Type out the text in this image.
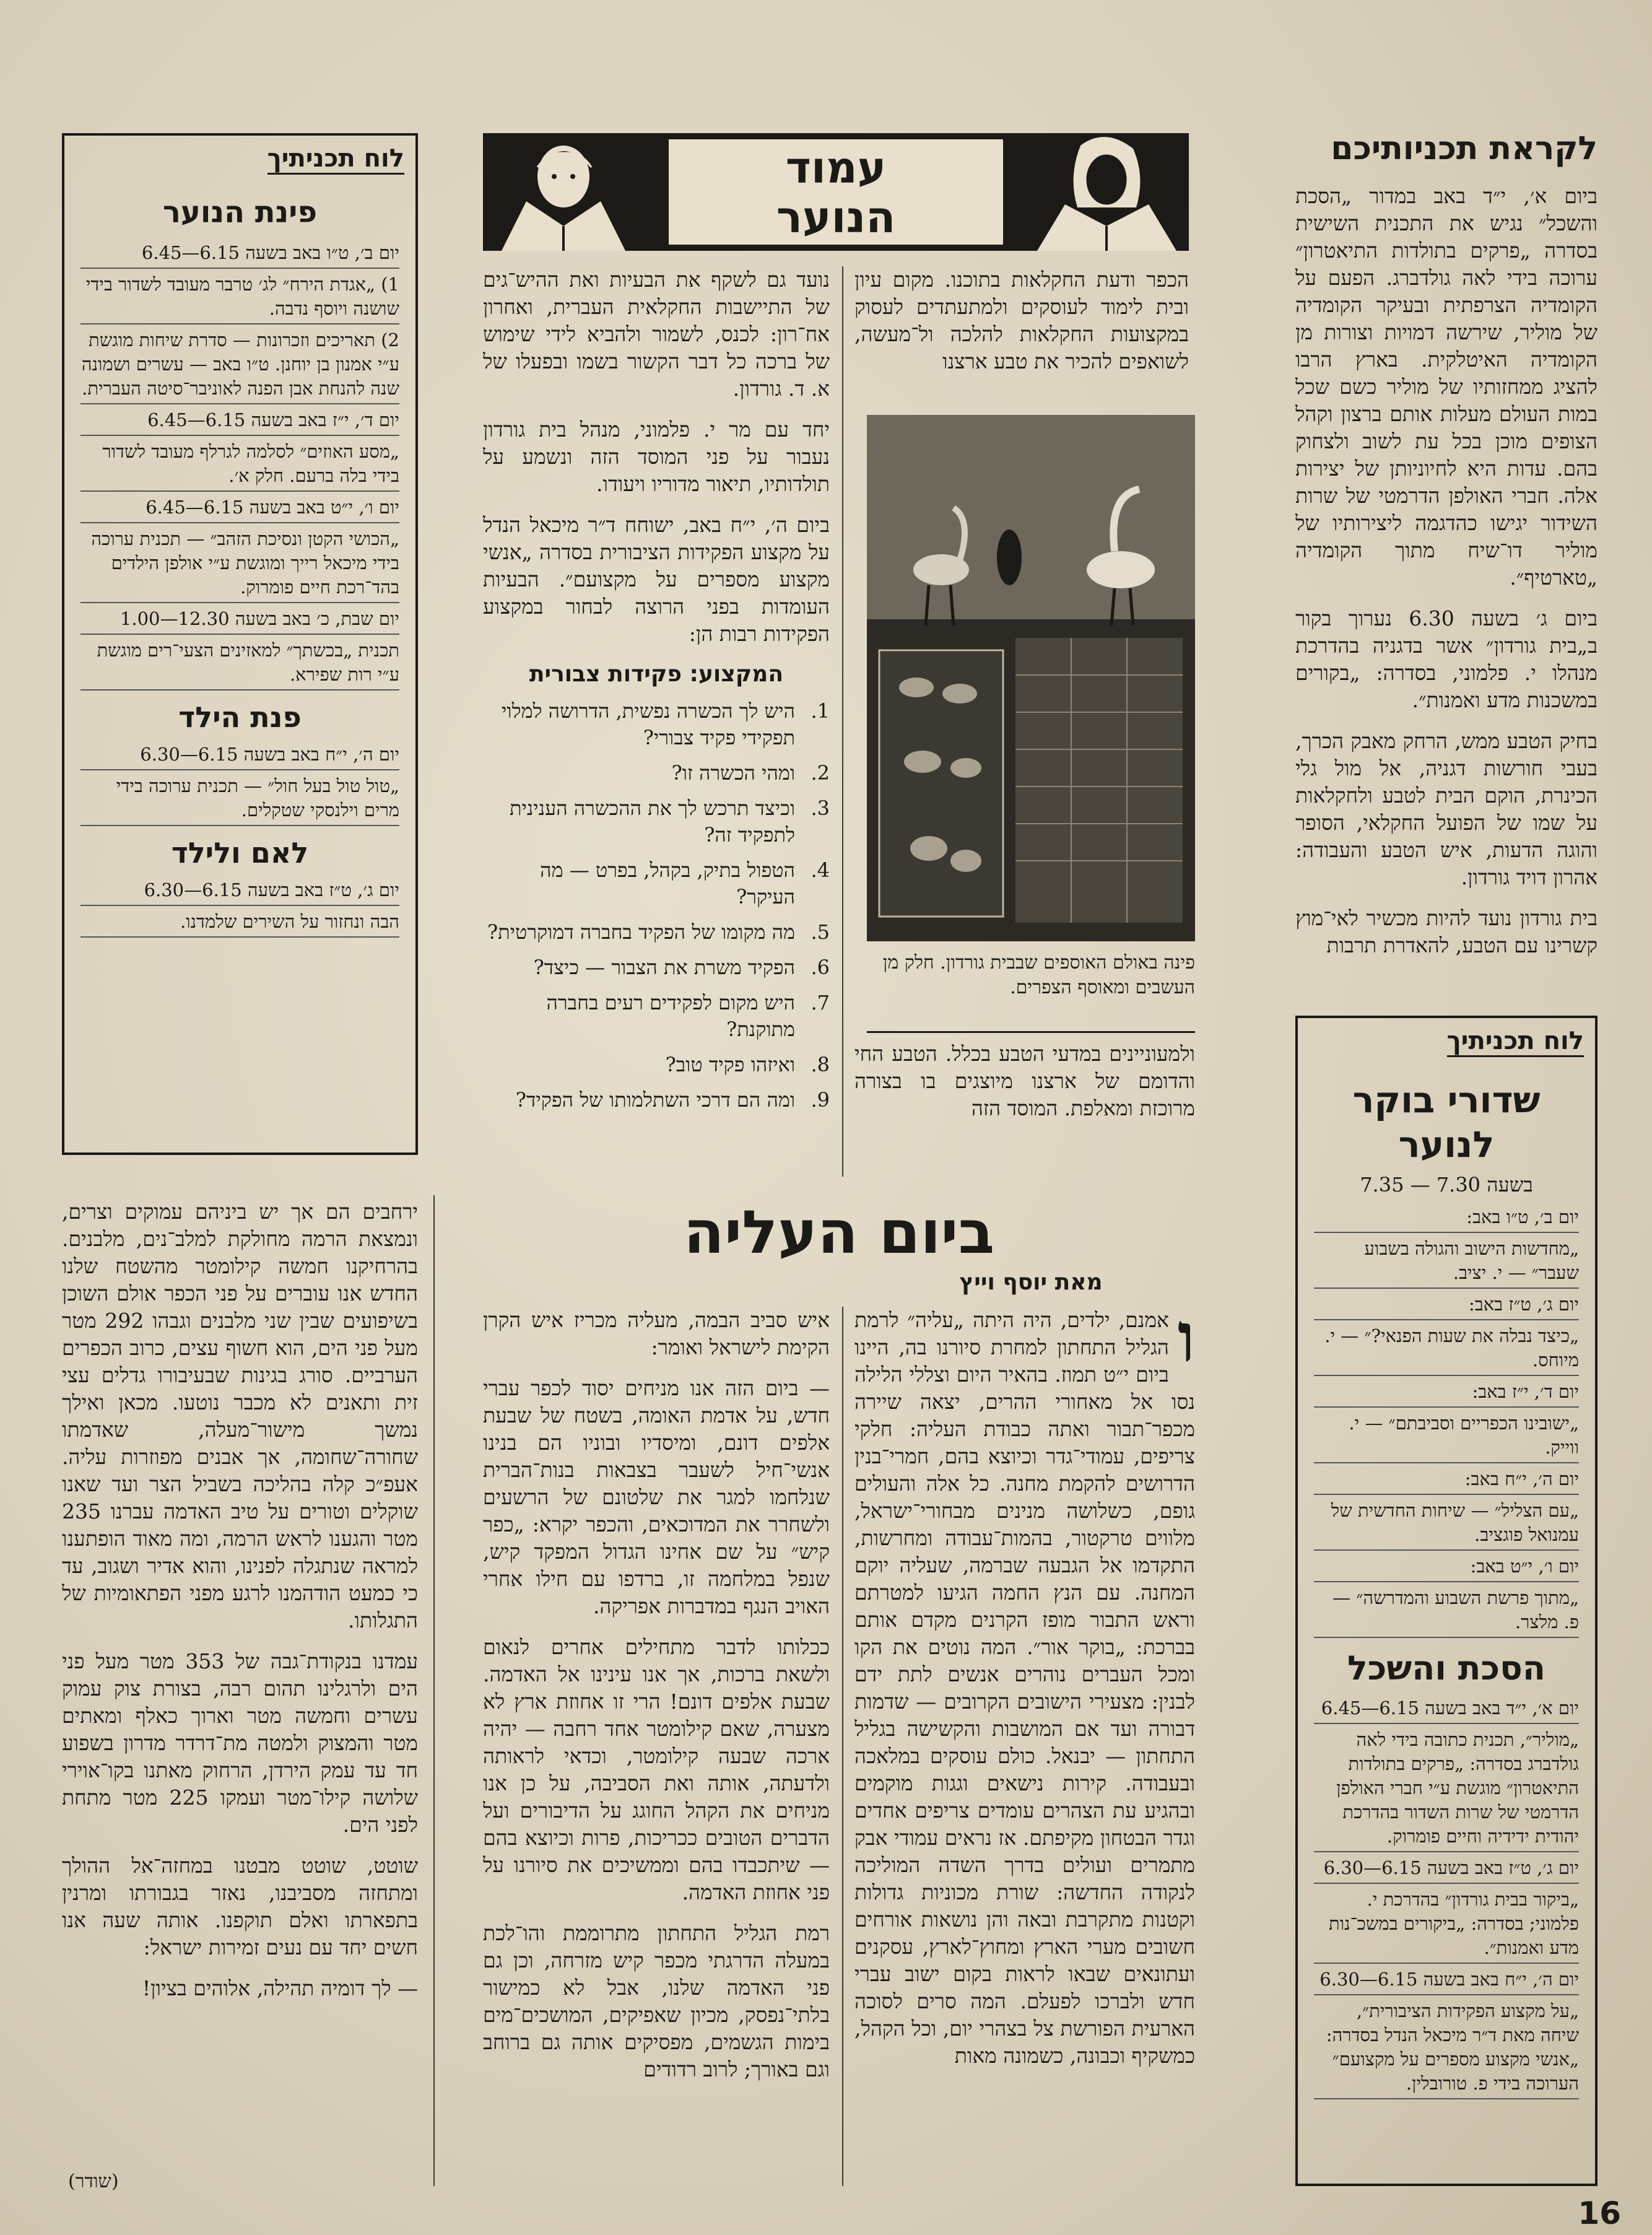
לקראת תכניותיכם

ביום א׳, י״ד באב במדור „הסכת והשכל״ נגיש את התכנית השישית בסדרה „פרקים בתולדות התיאטרון״ ערוכה בידי לאה גולדברג. הפעם על הקומדיה הצרפתית ובעיקר הקומדיה של מוליר, שירשה דמויות וצורות מן הקומדיה האיטלקית. בארץ הרבו להציג ממחזותיו של מוליר כשם שכל במות העולם מעלות אותם ברצון וקהל הצופים מוכן בכל עת לשוב ולצחוק בהם. עדות היא לחיוניותן של יצירות אלה. חברי האולפן הדרמטי של שרות השידור יגישו כהדגמה ליצירותיו של מוליר דו־שיח מתוך הקומדיה „טארטיף״.

ביום ג׳ בשעה 6.30 נערוך בקור ב„בית גורדון״ אשר בדגניה בהדרכת מנהלו י. פלמוני, בסדרה: „בקורים במשכנות מדע ואמנות״.

בחיק הטבע ממש, הרחק מאבק הכרך, בעבי חורשות דגניה, אל מול גלי הכינרת, הוקם הבית לטבע ולחקלאות על שמו של הפועל החקלאי, הסופר והוגה הדעות, איש הטבע והעבודה: אהרון דויד גורדון.

בית גורדון נועד להיות מכשיר לאי־מוץ קשרינו עם הטבע, להאדרת תרבות

לוח תכניתיך
שדורי בוקר לנוער
בשעה 7.30 — 7.35
יום ב׳, ט״ו באב:
„מחדשות הישוב והגולה בשבוע שעבר״ — י. יציב.
יום ג׳, ט״ז באב:
„כיצד נבלה את שעות הפנאי?״ — י. מיוחס.
יום ד׳, י״ז באב:
„ישובינו הכפריים וסביבתם״ — י. ווייק.
יום ה׳, י״ח באב:
„עם הצליל״ — שיחות החדשית של עמנואל פוגציב.
יום ו׳, י״ט באב:
„מתוך פרשת השבוע והמדרשה״ — פ. מלצר.
הסכת והשכל
יום א׳, י״ד באב בשעה 6.15—6.45
„מוליר״, תכנית כתובה בידי לאה גולדברג בסדרה: „פרקים בתולדות התיאטרון״ מוגשת ע״י חברי האולפן הדרמטי של שרות השדור בהדרכת יהודית ידידיה וחיים פומרוק.
יום ג׳, ט״ז באב בשעה 6.15—6.30
„ביקור בבית גורדון״ בהדרכת י. פלמוני; בסדרה: „ביקורים במשכ־נות מדע ואמנות״.
יום ה׳, י״ח באב בשעה 6.15—6.30
„על מקצוע הפקידות הציבורית״, שיחה מאת ד״ר מיכאל הנדל בסדרה: „אנשי מקצוע מספרים על מקצועם״ הערוכה בידי פ. טורובלין.
עמוד
הנוער

הכפר ודעת החקלאות בתוכנו. מקום עיון ובית לימוד לעוסקים ולמתעתדים לעסוק במקצועות החקלאות להלכה ול־מעשה, לשואפים להכיר את טבע ארצנו

פינה באולם האוספים שבבית גורדון. חלק מן העשבים ומאוסף הצפרים.

ולמעוניינים במדעי הטבע בכלל. הטבע החי והדומם של ארצנו מיוצגים בו בצורה מרוכזת ומאלפת. המוסד הזה

נועד גם לשקף את הבעיות ואת ההיש־גים של התיישבות החקלאית העברית, ואחרון אח־רון: לכנס, לשמור ולהביא לידי שימוש של ברכה כל דבר הקשור בשמו ובפעלו של א. ד. גורדון.

יחד עם מר י. פלמוני, מנהל בית גורדון נעבור על פני המוסד הזה ונשמע על תולדותיו, תיאור מדוריו ויעודו.

ביום ה׳, י״ח באב, ישוחח ד״ר מיכאל הנדל על מקצוע הפקידות הציבורית בסדרה „אנשי מקצוע מספרים על מקצועם״. הבעיות העומדות בפני הרוצה לבחור במקצוע הפקידות רבות הן:

המקצוע: פקידות צבורית
1.
היש לך הכשרה נפשית, הדרושה למלוי תפקידי פקיד צבורי?
2.
ומהי הכשרה זו?
3.
וכיצד תרכש לך את ההכשרה הענינית לתפקיד זה?
4.
הטפול בתיק, בקהל, בפרט — מה העיקר?
5.
מה מקומו של הפקיד בחברה דמוקרטית?
6.
הפקיד משרת את הצבור — כיצד?
7.
היש מקום לפקידים רעים בחברה מתוקנת?
8.
ואיזהו פקיד טוב?
9.
ומה הם דרכי השתלמותו של הפקיד?
לוח תכניתיך
פינת הנוער
יום ב׳, ט״ו באב בשעה 6.15—6.45
1) „אגדת הירח״ לג׳ טרבר מעובד לשדור בידי שושנה ויוסף נדבה.
2) תאריכים וזכרונות — סדרת שיחות מוגשת ע״י אמנון בן יוחנן. ט״ו באב — עשרים ושמונה שנה להנחת אבן הפנה לאוניבר־סיטה העברית.
יום ד׳, י״ז באב בשעה 6.15—6.45
„מסע האוזים״ לסלמה לגרלף מעובד לשדור בידי בלה ברעם. חלק א׳.
יום ו׳, י״ט באב בשעה 6.15—6.45
„הכושי הקטן ונסיכת הזהב״ — תכנית ערוכה בידי מיכאל רייך ומוגשת ע״י אולפן הילדים בהד־רכת חיים פומרוק.
יום שבת, כ׳ באב בשעה 12.30—1.00
תכנית „בכשתך״ למאזינים הצעי־רים מוגשת ע״י רות שפירא.
פנת הילד
יום ה׳, י״ח באב בשעה 6.15—6.30
„טול טול בעל חול״ — תכנית ערוכה בידי מרים וילנסקי שטקלים.
לאם ולילד
יום ג׳, ט״ז באב בשעה 6.15—6.30
הבה ונחזור על השירים שלמדנו.
ביום העליה
מאת יוסף וייץ
ו

אמנם, ילדים, היה היתה „עליה״ לרמת הגליל התחתון למחרת סיורנו בה, היינו ביום י״ט תמוז. בהאיר היום וצללי הלילה נסו אל מאחורי ההרים, יצאה שיירה מכפר־תבור ואתה כבודת העליה: חלקי צריפים, עמודי־גדר וכיוצא בהם, חמרי־בנין הדרושים להקמת מחנה. כל אלה והעולים גופם, כשלושה מנינים מבחורי־ישראל, מלווים טרקטור, בהמות־עבודה ומחרשות, התקדמו אל הגבעה שברמה, שעליה יוקם המחנה. עם הנץ החמה הגיעו למטרתם וראש התבור מופז הקרנים מקדם אותם בברכת: „בוקר אור״. המה נוטים את הקו ומכל העברים נוהרים אנשים לתת ידם לבנין: מצעירי הישובים הקרובים — שדמות דבורה ועד אם המושבות והקשישה בגליל התחתון — יבנאל. כולם עוסקים במלאכה ובעבודה. קירות נישאים וגגות מוקמים ובהגיע עת הצהרים עומדים צריפים אחדים וגדר הבטחון מקיפתם. אז נראים עמודי אבק מתמרים ועולים בדרך השדה המוליכה לנקודה החדשה: שורת מכוניות גדולות וקטנות מתקרבת ובאה והן נושאות אורחים חשובים מערי הארץ ומחוץ־לארץ, עסקנים ועתונאים שבאו לראות בקום ישוב עברי חדש ולברכו לפעלם. המה סרים לסוכה הארעית הפורשת צל בצהרי יום, וכל הקהל, כמשקיף וכבונה, כשמונה מאות

איש סביב הבמה, מעליה מכריז איש הקרן הקימת לישראל ואומר:

— ביום הזה אנו מניחים יסוד לכפר עברי חדש, על אדמת האומה, בשטח של שבעת אלפים דונם, ומיסדיו ובוניו הם בנינו אנשי־חיל לשעבר בצבאות בנות־הברית שנלחמו למגר את שלטונם של הרשעים ולשחרר את המדוכאים, והכפר יקרא: „כפר קיש״ על שם אחינו הגדול המפקד קיש, שנפל במלחמה זו, ברדפו עם חילו אחרי האויב הנגף במדברות אפריקה.

ככלותו לדבר מתחילים אחרים לנאום ולשאת ברכות, אך אנו עינינו אל האדמה. שבעת אלפים דונם! הרי זו אחוזת ארץ לא מצערה, שאם קילומטר אחד רחבה — יהיה ארכה שבעה קילומטר, וכדאי לראותה ולדעתה, אותה ואת הסביבה, על כן אנו מניחים את הקהל החוגג על הדיבורים ועל הדברים הטובים ככריכות, פרות וכיוצא בהם — שיתכבדו בהם וממשיכים את סיורנו על פני אחוזת האדמה.

רמת הגליל התחתון מתרוממת והו־לכת במעלה הדרגתי מכפר קיש מזרחה, וכן גם פני האדמה שלנו, אבל לא כמישור בלתי־נפסק, מכיון שאפיקים, המושכים־מים בימות הגשמים, מפסיקים אותה גם ברוחב וגם באורך; לרוב רדודים

ירחבים הם אך יש ביניהם עמוקים וצרים, ונמצאת הרמה מחולקת למלב־נים, מלבנים. בהרחיקנו חמשה קילומטר מהשטח שלנו החדש אנו עוברים על פני הכפר אולם השוכן בשיפועים שבין שני מלבנים וגבהו 292 מטר מעל פני הים, הוא חשוף עצים, כרוב הכפרים הערביים. סורג בגינות שבעיבורו גדלים עצי זית ותאנים לא מכבר נוטעו. מכאן ואילך נמשך מישור־מעלה, שאדמתו שחורה־שחומה, אך אבנים מפוזרות עליה. אעפ״כ קלה בהליכה בשביל הצר ועד שאנו שוקלים וטורים על טיב האדמה עברנו 235 מטר והגענו לראש הרמה, ומה מאוד הופתענו למראה שנתגלה לפנינו, והוא אדיר ושגוב, עד כי כמעט הודהמנו לרגע מפני הפתאומיות של התגלותו.

עמדנו בנקודת־גבה של 353 מטר מעל פני הים ולרגלינו תהום רבה, בצורת צוק עמוק עשרים וחמשה מטר וארוך כאלף ומאתים מטר והמצוק ולמטה מת־דרדר מדרון בשפוע חד עד עמק הירדן, הרחוק מאתנו בקו־אוירי שלושה קילו־מטר ועמקו 225 מטר מתחת לפני הים.

שוטט, שוטט מבטנו במחזה־אל ההולך ומתחזה מסביבנו, נאזר בגבורתו ומרנין בתפארתו ואלם תוקפנו. אותה שעה אנו חשים יחד עם נעים זמירות ישראל:

— לך דומיה תהילה, אלוהים בציון!

(שודר)
16
